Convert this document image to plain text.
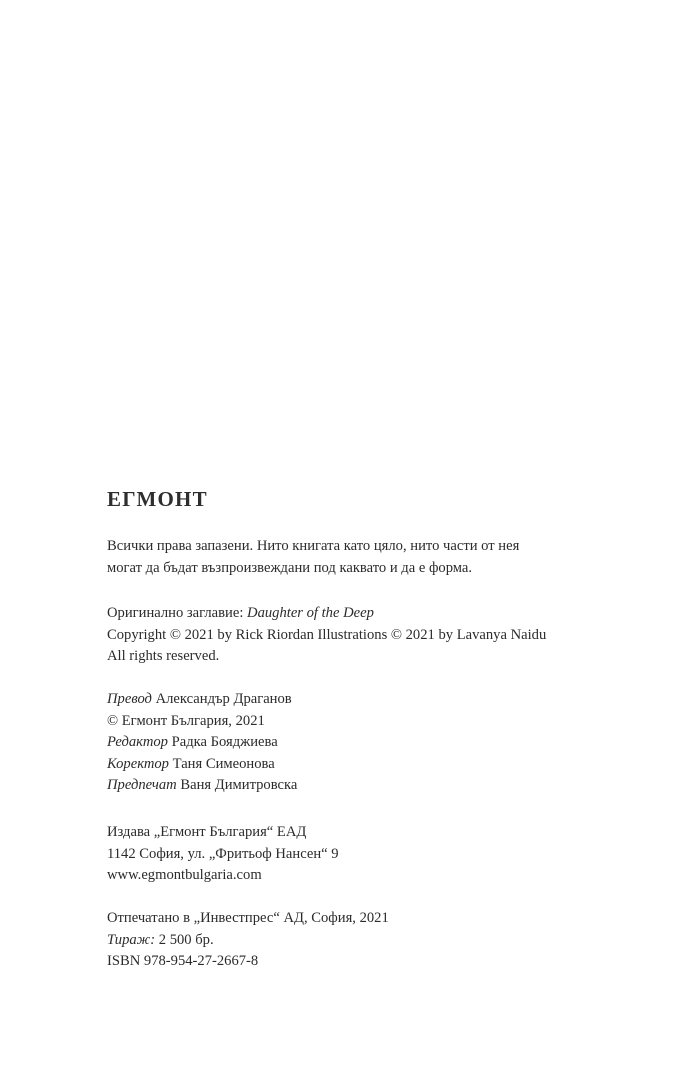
ЕГМОНТ

Всички права запазени. Нито книгата като цяло, нито части от нея

могат да бъдат възпроизвеждани под каквато и да е форма.

Оригинално заглавие: Daughter of the Deep

Copyright © 2021 by Rick Riordan Illustrations © 2021 by Lavanya Naidu

All rights reserved.

Превод Александър Драганов

© Егмонт България, 2021

Редактор Радка Бояджиева

Коректор Таня Симеонова

Предпечат Ваня Димитровска

Издава „Егмонт България“ ЕАД

1142 София, ул. „Фритьоф Нансен“ 9

www.egmontbulgaria.com

Отпечатано в „Инвестпрес“ АД, София, 2021

Тираж: 2 500 бр.

ISBN 978-954-27-2667-8
